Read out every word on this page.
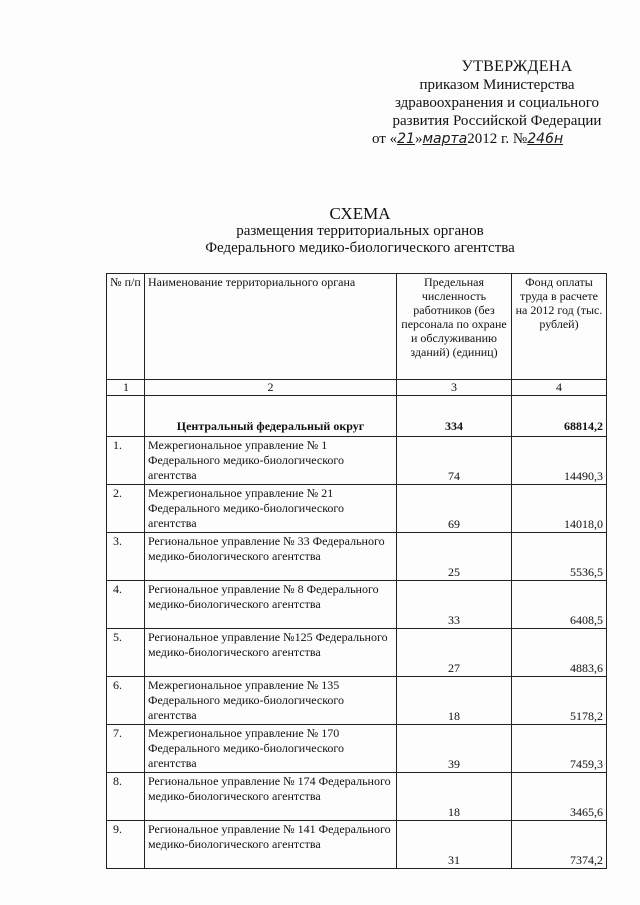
УТВЕРЖДЕНА
приказом Министерства
здравоохранения и социального
развития Российской Федерации
от «21»марта2012 г. №246н
СХЕМА
размещения территориальных органов
Федерального медико-биологического агентства
№ п/п	Наименование территориального органа	Предельная численность работников (без персонала по охране и обслуживанию зданий) (единиц)	Фонд оплаты труда в расчете на 2012 год (тыс. рублей)
1	2	3	4

	Центральный федеральный округ	334	68814,2
1.	Межрегиональное управление № 1 Федерального медико-биологического агентства	74	14490,3
2.	Межрегиональное управление № 21 Федерального медико-биологического агентства	69	14018,0
3.	Региональное управление № 33 Федерального медико-биологического агентства	25	5536,5
4.	Региональное управление № 8 Федерального медико-биологического агентства	33	6408,5
5.	Региональное управление №125 Федерального медико-биологического агентства	27	4883,6
6.	Межрегиональное управление № 135 Федерального медико-биологического агентства	18	5178,2
7.	Межрегиональное управление № 170 Федерального медико-биологического агентства	39	7459,3
8.	Региональное управление № 174 Федерального медико-биологического агентства	18	3465,6
9.	Региональное управление № 141 Федерального медико-биологического агентства	31	7374,2
